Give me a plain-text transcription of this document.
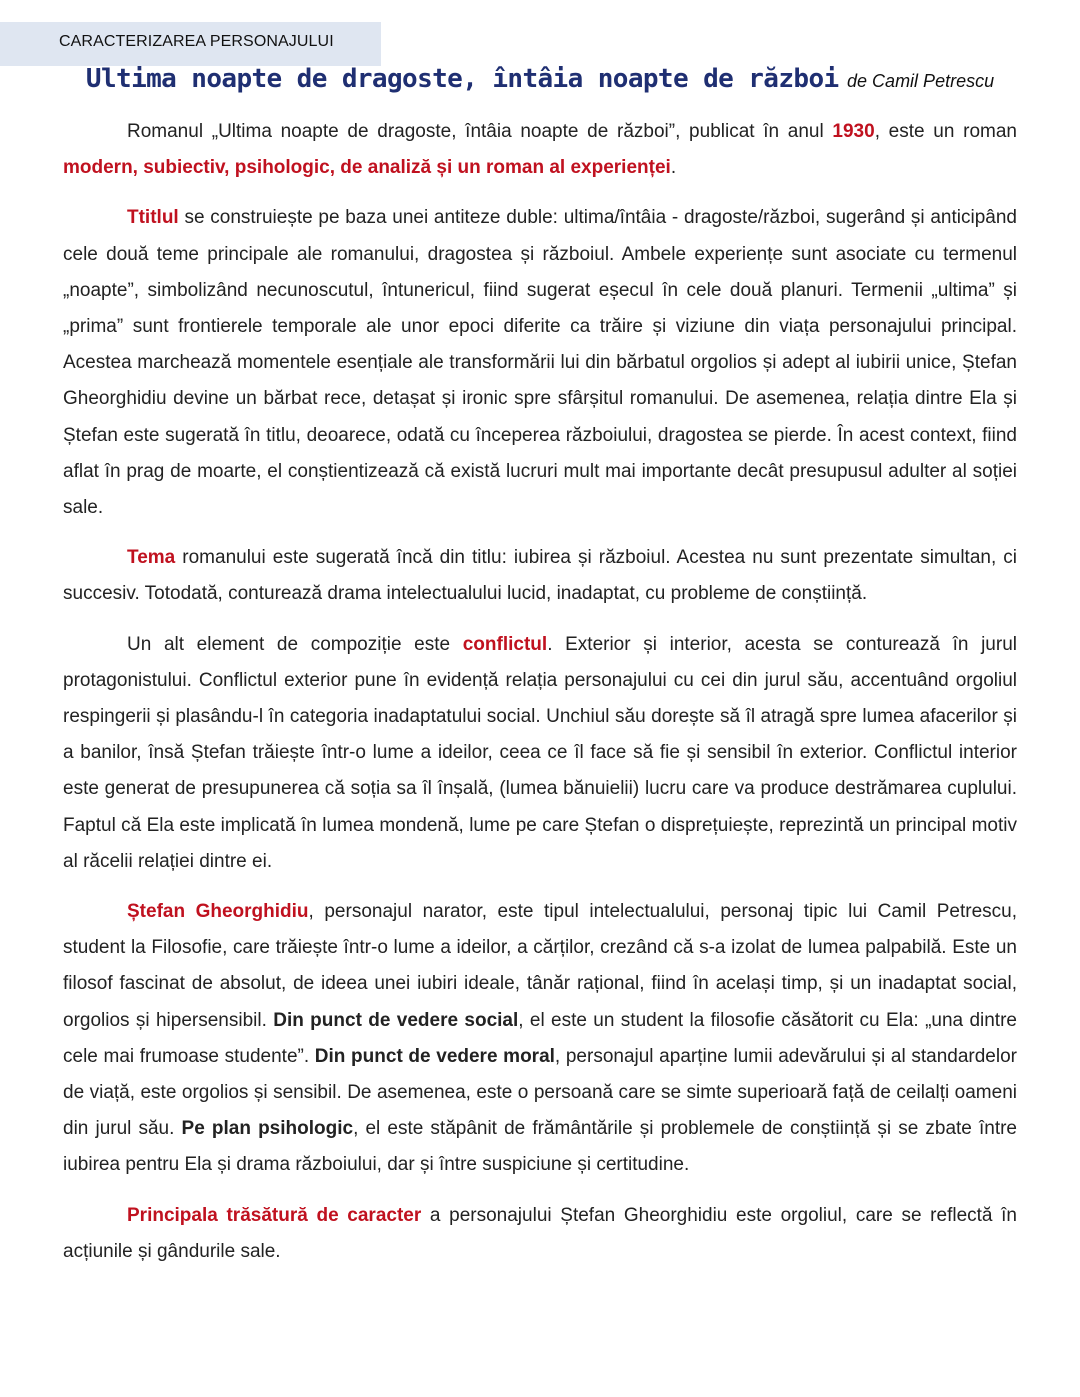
CARACTERIZAREA PERSONAJULUI
Ultima noapte de dragoste, întâia noapte de război de Camil Petrescu

Romanul „Ultima noapte de dragoste, întâia noapte de război”, publicat în anul 1930, este un roman modern, subiectiv, psihologic, de analiză și un roman al experienței.

Ttitlul se construiește pe baza unei antiteze duble: ultima/întâia - dragoste/război, sugerând și anticipând cele două teme principale ale romanului, dragostea și războiul. Ambele experiențe sunt asociate cu termenul „noapte”, simbolizând necunoscutul, întunericul, fiind sugerat eșecul în cele două planuri. Termenii „ultima” și „prima” sunt frontierele temporale ale unor epoci diferite ca trăire și viziune din viața personajului principal. Acestea marchează momentele esențiale ale transformării lui din bărbatul orgolios și adept al iubirii unice, Ștefan Gheorghidiu devine un bărbat rece, detașat și ironic spre sfârșitul romanului. De asemenea, relația dintre Ela și Ștefan este sugerată în titlu, deoarece, odată cu începerea războiului, dragostea se pierde. În acest context, fiind aflat în prag de moarte, el conștientizează că există lucruri mult mai importante decât presupusul adulter al soției sale.

Tema romanului este sugerată încă din titlu: iubirea și războiul. Acestea nu sunt prezentate simultan, ci succesiv. Totodată, conturează drama intelectualului lucid, inadaptat, cu probleme de conștiință.

Un alt element de compoziție este conflictul. Exterior și interior, acesta se conturează în jurul protagonistului. Conflictul exterior pune în evidență relația personajului cu cei din jurul său, accentuând orgoliul respingerii și plasându-l în categoria inadaptatului social. Unchiul său dorește să îl atragă spre lumea afacerilor și a banilor, însă Ștefan trăiește într-o lume a ideilor, ceea ce îl face să fie și sensibil în exterior. Conflictul interior este generat de presupunerea că soția sa îl înșală, (lumea bănuielii) lucru care va produce destrămarea cuplului. Faptul că Ela este implicată în lumea mondenă, lume pe care Ștefan o disprețuiește, reprezintă un principal motiv al răcelii relației dintre ei.

Ștefan Gheorghidiu, personajul narator, este tipul intelectualului, personaj tipic lui Camil Petrescu, student la Filosofie, care trăiește într-o lume a ideilor, a cărților, crezând că s-a izolat de lumea palpabilă. Este un filosof fascinat de absolut, de ideea unei iubiri ideale, tânăr rațional, fiind în același timp, și un inadaptat social, orgolios și hipersensibil. Din punct de vedere social, el este un student la filosofie căsătorit cu Ela: „una dintre cele mai frumoase studente”. Din punct de vedere moral, personajul aparține lumii adevărului și al standardelor de viață, este orgolios și sensibil. De asemenea, este o persoană care se simte superioară față de ceilalți oameni din jurul său. Pe plan psihologic, el este stăpânit de frământările și problemele de conștiință și se zbate între iubirea pentru Ela și drama războiului, dar și între suspiciune și certitudine.

Principala trăsătură de caracter a personajului Ștefan Gheorghidiu este orgoliul, care se reflectă în acțiunile și gândurile sale.
